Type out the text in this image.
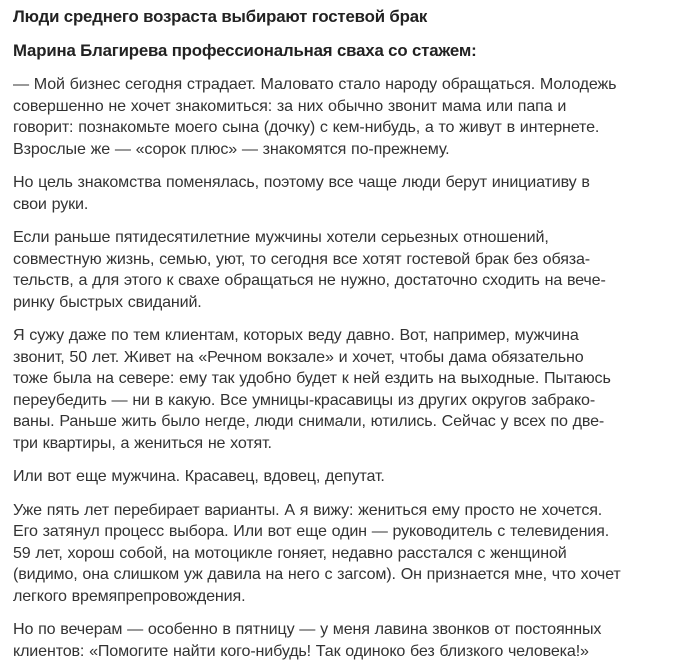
Люди среднего возраста выбирают гостевой брак
Марина Благирева профессиональная сваха со стажем:

— Мой бизнес сегодня страдает. Маловато стало народу обращаться. Молодежь
совершенно не хочет знакомиться: за них обычно звонит мама или папа и
говорит: познакомьте моего сына (дочку) с кем-нибудь, а то живут в интернете.
Взрослые же — «сорок плюс» — знакомятся по-прежнему.

Но цель знакомства поменялась, поэтому все чаще люди берут инициативу в
свои руки.

Если раньше пятидесятилетние мужчины хотели серьезных отношений,
совместную жизнь, семью, уют, то сегодня все хотят гостевой брак без обяза-
тельств, а для этого к свахе обращаться не нужно, достаточно сходить на вече-
ринку быстрых свиданий.

Я сужу даже по тем клиентам, которых веду давно. Вот, например, мужчина
звонит, 50 лет. Живет на «Речном вокзале» и хочет, чтобы дама обязательно
тоже была на севере: ему так удобно будет к ней ездить на выходные. Пытаюсь
переубедить — ни в какую. Все умницы-красавицы из других округов забрако-
ваны. Раньше жить было негде, люди снимали, ютились. Сейчас у всех по две-
три квартиры, а жениться не хотят.

Или вот еще мужчина. Красавец, вдовец, депутат.

Уже пять лет перебирает варианты. А я вижу: жениться ему просто не хочется.
Его затянул процесс выбора. Или вот еще один — руководитель с телевидения.
59 лет, хорош собой, на мотоцикле гоняет, недавно расстался с женщиной
(видимо, она слишком уж давила на него с загсом). Он признается мне, что хочет
легкого времяпрепровождения.

Но по вечерам — особенно в пятницу — у меня лавина звонков от постоянных
клиентов: «Помогите найти кого-нибудь! Так одиноко без близкого человека!»
